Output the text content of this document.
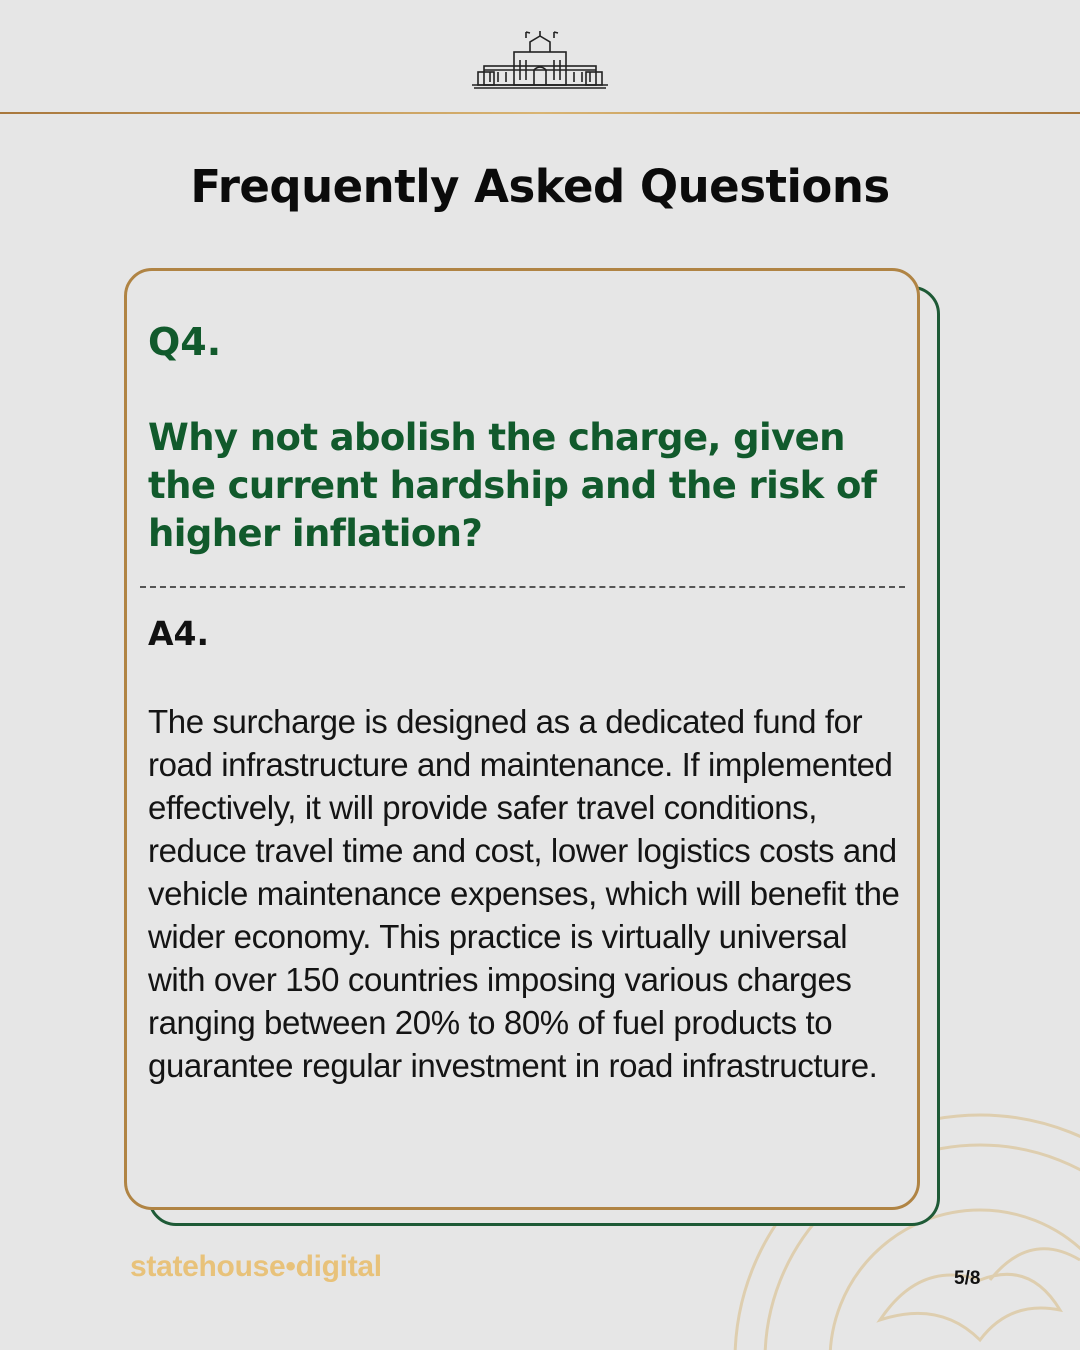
Frequently Asked Questions
Q4.
Why not abolish the charge, given the current hardship and the risk of higher inflation?
A4.
The surcharge is designed as a dedicated fund for road infrastructure and maintenance. If implemented effectively, it will provide safer travel conditions, reduce travel time and cost, lower logistics costs and vehicle maintenance expenses, which will benefit the wider economy. This practice is virtually universal with over 150 countries imposing various charges ranging between 20% to 80% of fuel products to guarantee regular investment in road infrastructure.
statehouse•digital	5/8
